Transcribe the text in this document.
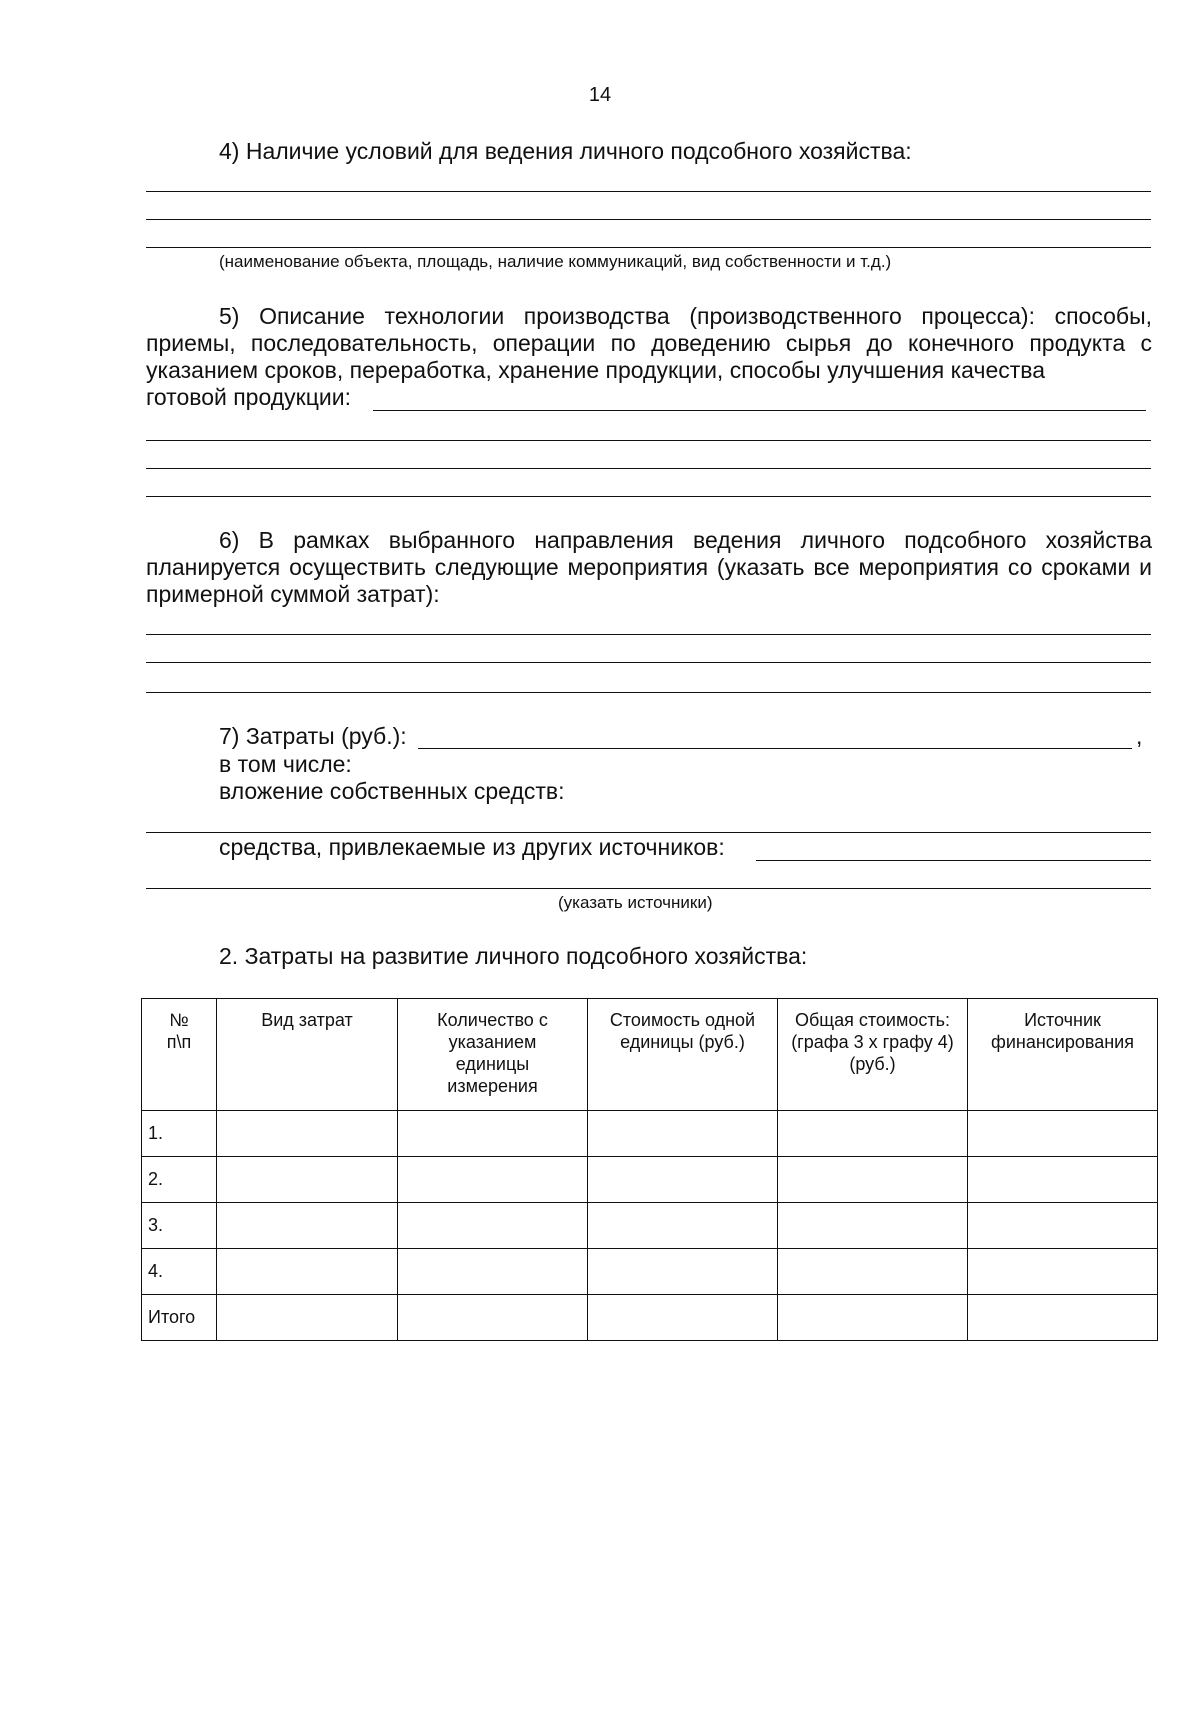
14
4) Наличие условий для ведения личного подсобного хозяйства:
(наименование объекта, площадь, наличие коммуникаций, вид собственности и т.д.)
5) Описание технологии производства (производственного процесса): способы, приемы, последовательность, операции по доведению сырья до конечного продукта с указанием сроков, переработка, хранение продукции, способы улучшения качества
готовой продукции:
6) В рамках выбранного направления ведения личного подсобного хозяйства планируется осуществить следующие мероприятия (указать все мероприятия со сроками и примерной суммой затрат):
7) Затраты (руб.):	,
в том числе:
вложение собственных средств:
средства, привлекаемые из других источников:
(указать источники)
2. Затраты на развитие личного подсобного хозяйства:
№ п\п	Вид затрат	Количество с указанием единицы измерения	Стоимость одной единицы (руб.)	Общая стоимость: (графа 3 х графу 4) (руб.)	Источник финансирования
1.					
2.					
3.					
4.					
Итого					
